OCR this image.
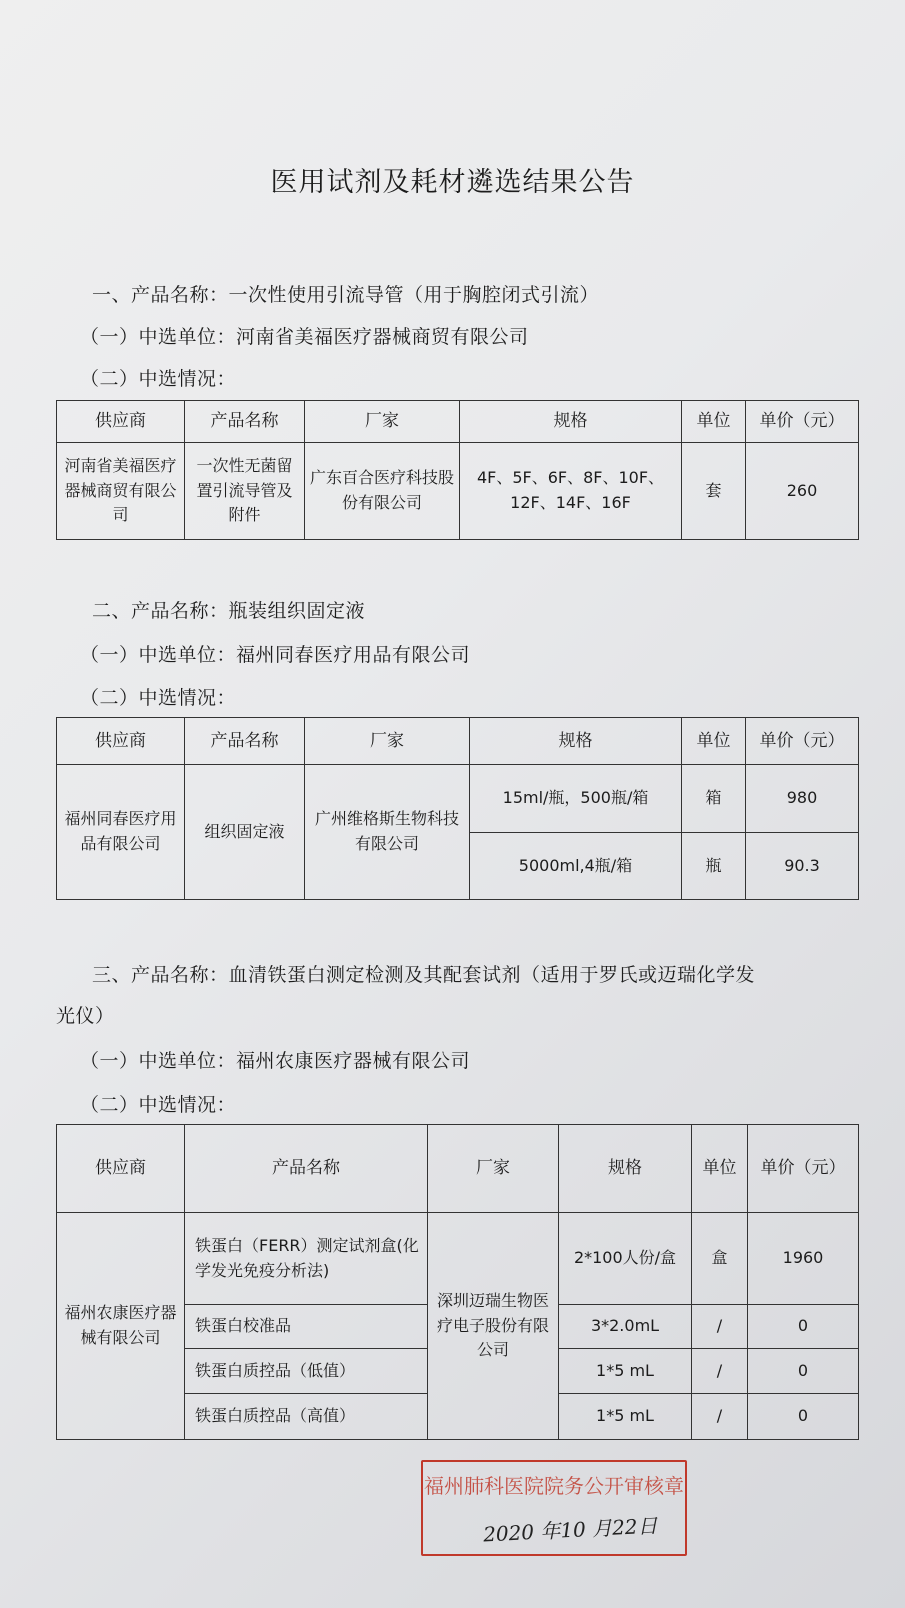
医用试剂及耗材遴选结果公告
一、产品名称：一次性使用引流导管（用于胸腔闭式引流）
（一）中选单位：河南省美福医疗器械商贸有限公司
（二）中选情况：
供应商	产品名称	厂家	规格	单位	单价（元）
河南省美福医疗器械商贸有限公司	一次性无菌留置引流导管及附件	广东百合医疗科技股份有限公司	4F、5F、6F、8F、10F、12F、14F、16F	套	260
二、产品名称：瓶装组织固定液
（一）中选单位：福州同春医疗用品有限公司
（二）中选情况：
供应商	产品名称	厂家	规格	单位	单价（元）
福州同春医疗用品有限公司	组织固定液	广州维格斯生物科技有限公司	15ml/瓶，500瓶/箱	箱	980
			5000ml,4瓶/箱	瓶	90.3
三、产品名称：血清铁蛋白测定检测及其配套试剂（适用于罗氏或迈瑞化学发
光仪）
（一）中选单位：福州农康医疗器械有限公司
（二）中选情况：
供应商	产品名称	厂家	规格	单位	单价（元）
福州农康医疗器械有限公司	铁蛋白（FERR）测定试剂盒(化学发光免疫分析法)	深圳迈瑞生物医疗电子股份有限公司	2*100人份/盒	盒	1960
	铁蛋白校准品		3*2.0mL	/	0
	铁蛋白质控品（低值）		1*5 mL	/	0
	铁蛋白质控品（高值）		1*5 mL	/	0
福州肺科医院院务公开审核章
2020 年10 月22日
